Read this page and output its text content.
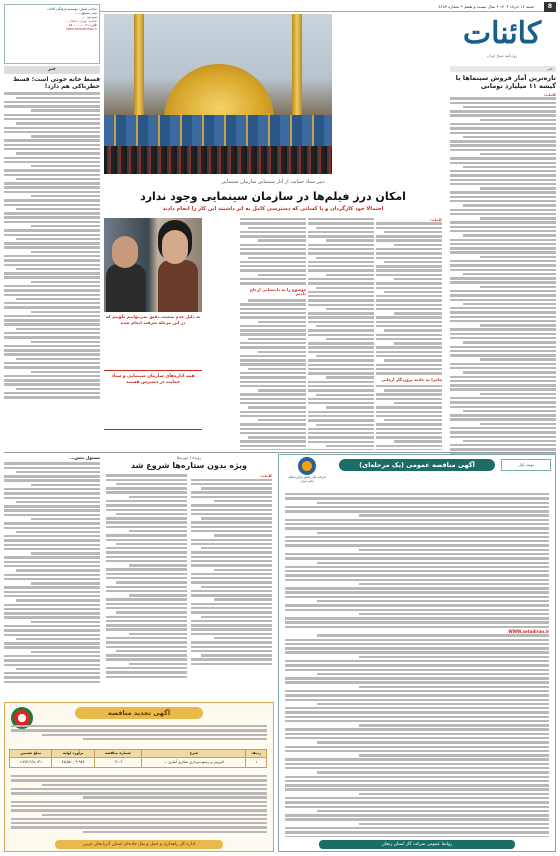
شنبه ۱۷ خرداد ۱۴۰۳ • سال بیست و هفتم • شماره ۸۶۸۳	8
کائنات
روزنامه صبح ایران
صاحب امتیاز: موسسه فرهنگی کائنات
مدیر مسئول: ...
سردبیر: ...
نشانی: تهران، خیابان ...
تلفن: ۰۲۱-۸۸۰۰۰۰۰۰
www.kaenatnews.ir
خبر
قسط خانه خونی است؛ قسط خطرناکی هم دارد!
خبر
تازه‌ترین آمار فروش سینماها با گیشه ۱۱ میلیارد تومانی
کائنات:
دبیر ستاد حمایت از آثار سینمایی سازمان سینمایی
امکان درز فیلم‌ها در سازمان سینمایی وجود ندارد
احتمالا خود کارگردان و یا کسانی که دسترسی کامل به اثر داشتند این کار را انجام دادند
کائنات:
ماجرا به حادثه پروردگار آرمانی
موضوع را به دادستانی ارجاع دادیم
به دلیل عدم صحبت دقیق نمی‌توانیم بگوییم که در این مرحله سرقت انجام شده
همه اداره‌های سازمان سینمایی و ستاد حمایت در دسترس هستند
مسئول بخش...	رویداد/ چهره‌ها
ویژه بدون ستاره‌ها شروع شد
کائنات:
نوبت اول
آگهی مناقصه عمومی (یک مرحله‌ای)
شرکت ملی پخش فرآورده‌های نفتی ایران
WWW.setadiran.ir
روابط عمومی شرکت گاز استان زنجان
آگهی تجدید مناقصه
ردیف	شرح	شماره مناقصه	برآورد اولیه	مبلغ تضمین
۱	لایروبی و رسوب‌برداری مجاری آبیاری ...	۰۳-۰۲	۴۵,۵۵۰,۰۹,۹۸۳	۱,۷۷۳,۲۶۸,۱۳۱
اداره کل راهداری و حمل و نقل جاده‌ای استان آذربایجان غربی
